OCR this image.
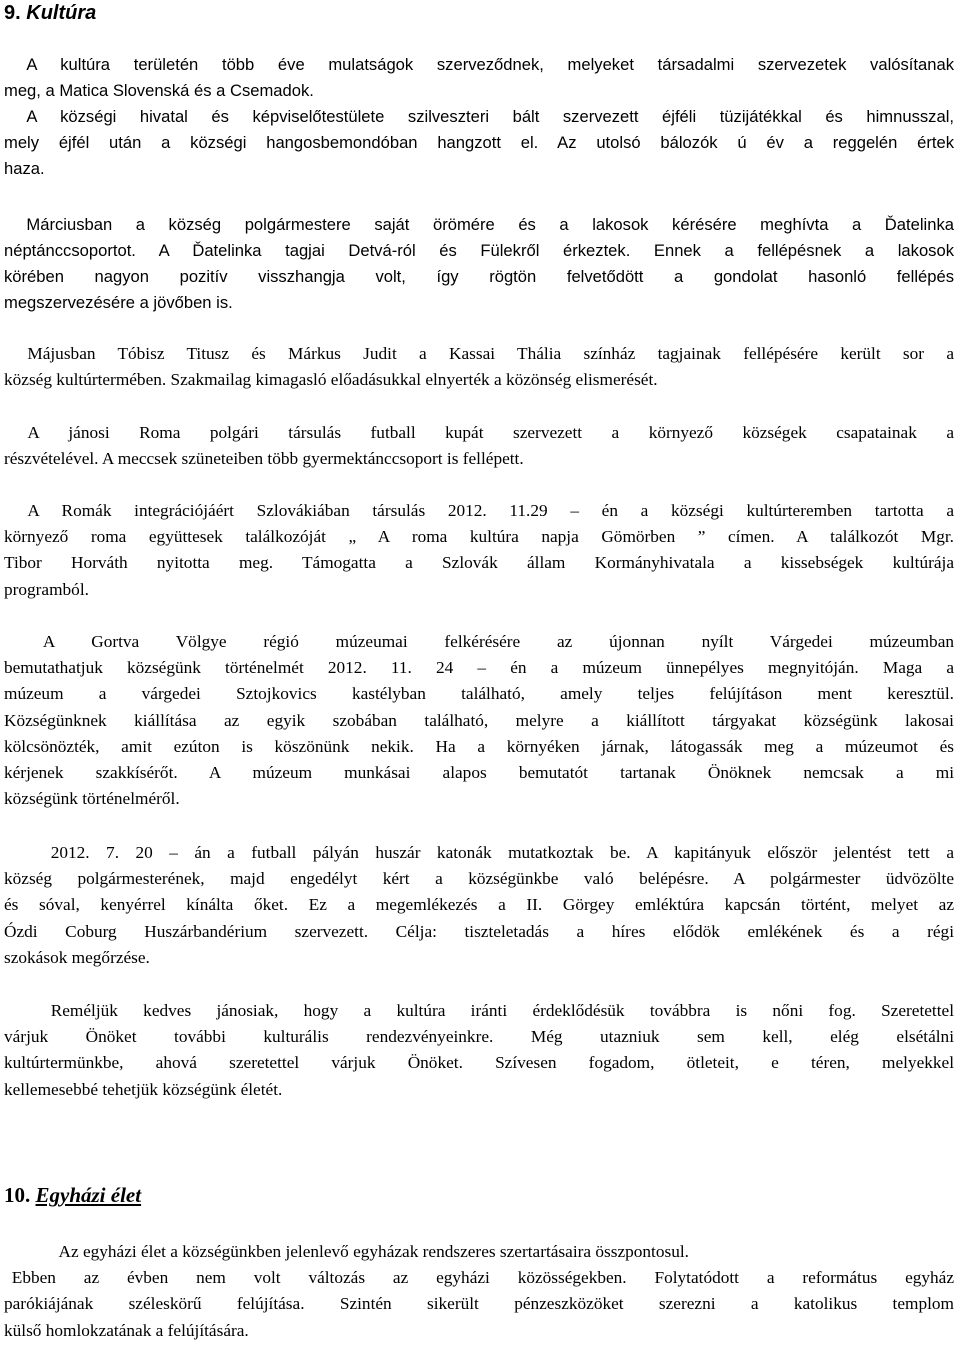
9. Kultúra
A kultúra területén több éve mulatságok szerveződnek, melyeket társadalmi szervezetek valósítanak
meg, a Matica Slovenská és a Csemadok.
A községi hivatal és képviselőtestülete szilveszteri bált szervezett éjféli tüzijátékkal és himnusszal,
mely éjfél után a községi hangosbemondóban hangzott el. Az utolsó bálozók ú év a reggelén értek
haza.
Márciusban a község polgármestere saját örömére és a lakosok kérésére meghívta a Ďatelinka
néptánccsoportot. A Ďatelinka tagjai Detvá-ról és Fülekről érkeztek. Ennek a fellépésnek a lakosok
körében nagyon pozitív visszhangja volt, így rögtön felvetődött a gondolat hasonló fellépés
megszervezésére a jövőben is.
Májusban Tóbisz Titusz és Márkus Judit a Kassai Thália színház tagjainak fellépésére került sor a
község kultúrtermében. Szakmailag kimagasló előadásukkal elnyerték a közönség elismerését.
A jánosi Roma polgári társulás futball kupát szervezett a környező községek csapatainak a
részvételével. A meccsek szüneteiben több gyermektánccsoport is fellépett.
A Romák integrációjáért Szlovákiában társulás 2012. 11.29 – én a községi kultúrteremben tartotta a
környező roma együttesek találkozóját „ A roma kultúra napja Gömörben ” címen. A találkozót Mgr.
Tibor Horváth nyitotta meg. Támogatta a Szlovák állam Kormányhivatala a kissebségek kultúrája
programból.
A Gortva Völgye régió múzeumai felkérésére az újonnan nyílt Várgedei múzeumban
bemutathatjuk községünk történelmét 2012. 11. 24 – én a múzeum ünnepélyes megnyitóján. Maga a
múzeum a várgedei Sztojkovics kastélyban található, amely teljes felújításon ment keresztül.
Községünknek kiállítása az egyik szobában található, melyre a kiállított tárgyakat községünk lakosai
kölcsönözték, amit ezúton is köszönünk nekik. Ha a környéken járnak, látogassák meg a múzeumot és
kérjenek szakkísérőt. A múzeum munkásai alapos bemutatót tartanak Önöknek nemcsak a mi
községünk történelméről.
2012. 7. 20 – án a futball pályán huszár katonák mutatkoztak be. A kapitányuk először jelentést tett a
község polgármesterének, majd engedélyt kért a községünkbe való belépésre. A polgármester üdvözölte
és sóval, kenyérrel kínálta őket. Ez a megemlékezés a II. Görgey emléktúra kapcsán történt, melyet az
Ózdi Coburg Huszárbandérium szervezett. Célja: tiszteletadás a híres elődök emlékének és a régi
szokások megőrzése.
Reméljük kedves jánosiak, hogy a kultúra iránti érdeklődésük továbbra is nőni fog. Szeretettel
várjuk Önöket további kulturális rendezvényeinkre. Még utazniuk sem kell, elég elsétálni
kultúrtermünkbe, ahová szeretettel várjuk Önöket. Szívesen fogadom, ötleteit, e téren, melyekkel
kellemesebbé tehetjük községünk életét.
10. Egyházi élet
Az egyházi élet a községünkben jelenlevő egyházak rendszeres szertartásaira összpontosul.
Ebben az évben nem volt változás az egyházi közösségekben. Folytatódott a református egyház
parókiájának széleskörű felújítása. Szintén sikerült pénzeszközöket szerezni a katolikus templom
külső homlokzatának a felújítására.
